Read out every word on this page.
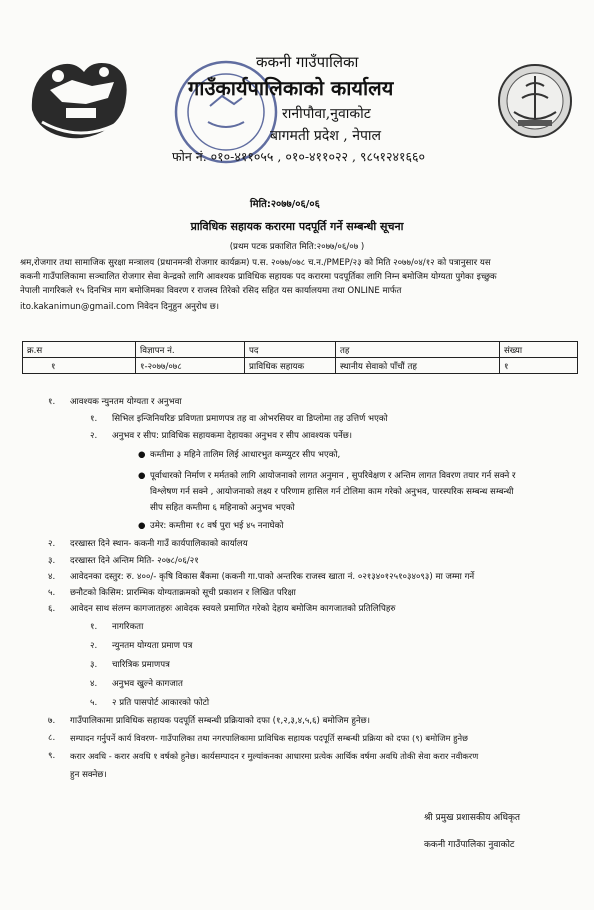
ककनी गाउँपालिका
गाउँकार्यपालिकाको कार्यालय
रानीपौवा,नुवाकोट
बागमती प्रदेश , नेपाल
फोन नं. ०१०-४११०५५ , ०१०-४११०२२ , ९८५१२४१६६०
मिति:२०७७/०६/०६
प्राविधिक सहायक करारमा पदपूर्ति गर्ने सम्बन्धी सूचना
(प्रथम पटक प्रकाशित मिति:२०७७/०६/०७ )
श्रम,रोजगार तथा सामाजिक सुरक्षा मन्त्रालय (प्रधानमन्त्री रोजगार कार्यक्रम) प.स. २०७७/०७८ च.न./PMEP/२३ को मिति २०७७/०४/१२ को पत्रानुसार यस
ककनी गाउँपालिकामा सञ्चालित रोजगार सेवा केन्द्रको लागि आवश्यक प्राविधिक सहायक पद करारमा पदपूर्तिका लागि निम्न बमोजिम योग्यता पुगेका इच्छुक
नेपाली नागरिकले १५ दिनभित्र माग बमोजिमका विवरण र राजस्व तिरेको रसिद सहित यस कार्यालयमा तथा ONLINE मार्फत
ito.kakanimun@gmail.com निवेदन दिनुहुन अनुरोध छ।
क्र.स	विज्ञापन नं.	पद	तह	संख्या
१	१-२०७७/०७८	प्राविधिक सहायक	स्थानीय सेवाको पाँचौं तह	१
१. आवश्यक न्युनतम योग्यता र अनुभवा
१. सिभिल इन्जिनियरिङ प्रविणता प्रमाणपत्र तह वा ओभरसियर वा डिप्लोमा तह उत्तिर्ण भएको
२. अनुभव र सीप: प्राविधिक सहायकमा देहायका अनुभव र सीप आवश्यक पर्नेछ।
● कम्तीमा ३ महिने तालिम लिई आधारभुत कम्प्युटर सीप भएको,
● पूर्वाधारको निर्माण र मर्मतको लागि आयोजनाको लागत अनुमान , सुपरिवेक्षण र अन्तिम लागत विवरण तयार गर्न सक्ने र
विश्लेषण गर्न सक्ने , आयोजनाको लक्ष्य र परिणाम हासिल गर्न टोलिमा काम गरेको अनुभव, पारस्परिक सम्बन्ध सम्बन्धी
सीप सहित कम्तीमा ६ महिनाको अनुभव भएको
● उमेर: कम्तीमा १८ वर्ष पुरा भई ४५ ननाघेको
२. दरखास्त दिने स्थान- ककनी गाउँ कार्यपालिकाको कार्यालय
३. दरखास्त दिने अन्तिम मिति- २०७८/०६/२१
४. आवेदनका दस्तुर: रु. ४००/- कृषि विकास बैंकमा (ककनी गा.पाको अन्तरिक राजस्व खाता नं. ०२१३४०१२५१०३४०९३) मा जम्मा गर्ने
५. छनौटको किसिम: प्रारम्भिक योग्यताक्रमको सूची प्रकाशन र लिखित परिक्षा
६. आवेदन साथ संलग्न कागजातहरुः आवेदक स्वयले प्रमाणित गरेको देहाय बमोजिम कागजातको प्रतिलिपिहरु
१. नागरिकता
२. न्युनतम योग्यता प्रमाण पत्र
३. चारित्रिक प्रमाणपत्र
४. अनुभव खुल्ने कागजात
५. २ प्रति पासपोर्ट आकारको फोटो
७. गाउँपालिकामा प्राविधिक सहायक पदपूर्ति सम्बन्धी प्रक्रियाको दफा (१,२,३,४,५,६) बमोजिम हुनेछ।
८. सम्पादन गर्नुपर्ने कार्य विवरण- गाउँपालिका तथा नगरपालिकामा प्राविधिक सहायक पदपूर्ति सम्बन्धी प्रक्रिया को दफा (९) बमोजिम हुनेछ
९. करार अवधि - करार अवधि १ वर्षको हुनेछ। कार्यसम्पादन र मुल्यांकनका आधारमा प्रत्येक आर्थिक वर्षमा अवधि तोकी सेवा करार नवीकरण
हुन सक्नेछ।
श्री प्रमुख प्रशासकीय अधिकृत
ककनी गाउँपालिका नुवाकोट
